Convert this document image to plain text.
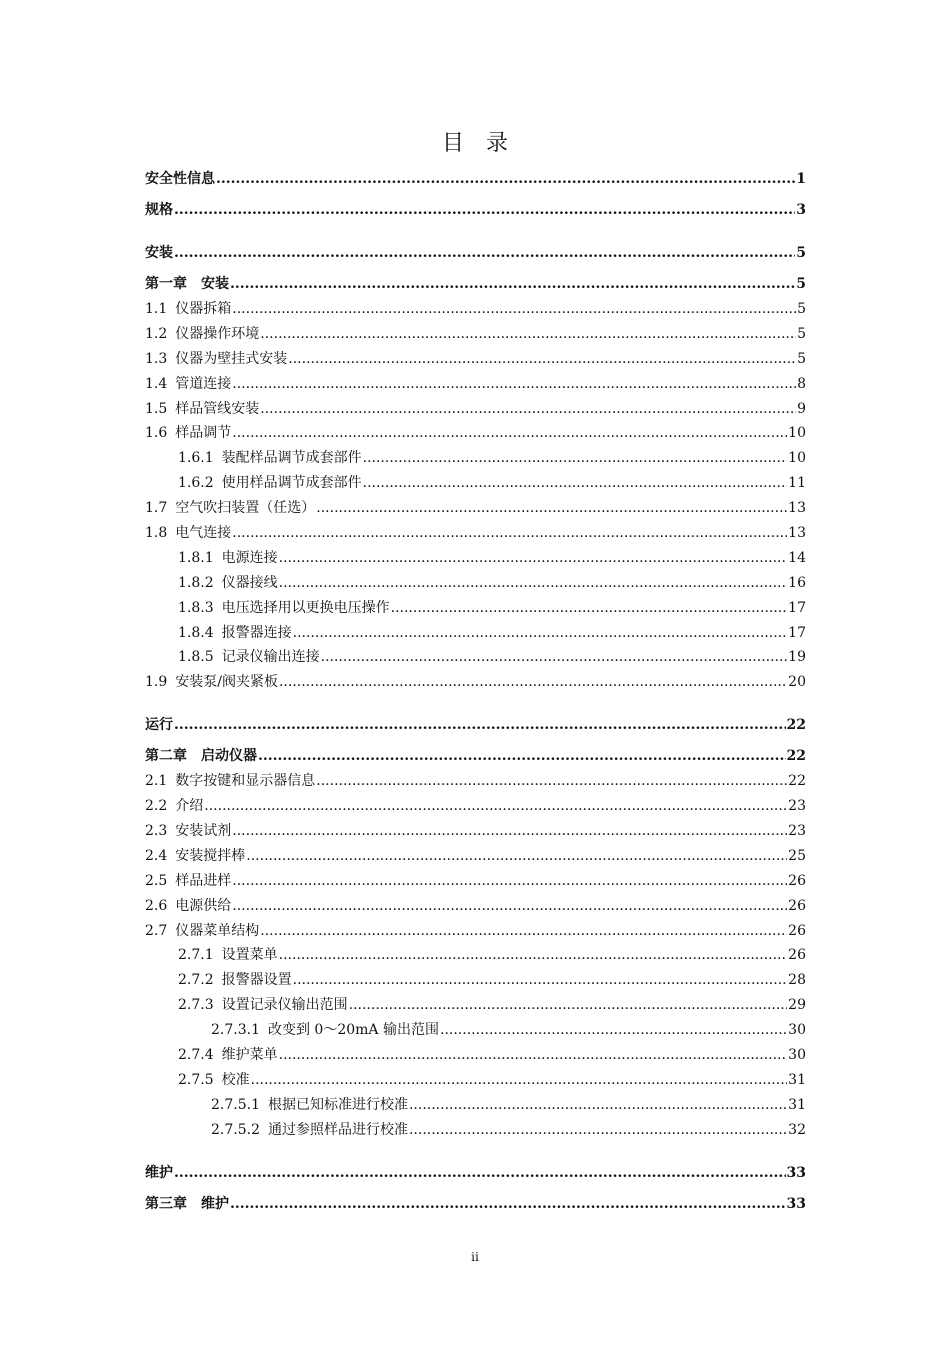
目　录
安全性信息 .....	1
规格 .....	3
安装 .....	5
第一章　安装 .....	5
1.1 仪器拆箱 .....	5
1.2 仪器操作环境 .....	5
1.3 仪器为壁挂式安装 .....	5
1.4 管道连接 .....	8
1.5 样品管线安装 .....	9
1.6 样品调节 .....	10
1.6.1 装配样品调节成套部件 .....	10
1.6.2 使用样品调节成套部件 .....	11
1.7 空气吹扫装置（任选） .....	13
1.8 电气连接 .....	13
1.8.1 电源连接 .....	14
1.8.2 仪器接线 .....	16
1.8.3 电压选择用以更换电压操作 .....	17
1.8.4 报警器连接 .....	17
1.8.5 记录仪输出连接 .....	19
1.9 安装泵/阀夹紧板 .....	20
运行 .....	22
第二章　启动仪器 .....	22
2.1 数字按键和显示器信息 .....	22
2.2 介绍 .....	23
2.3 安装试剂 .....	23
2.4 安装搅拌棒 .....	25
2.5 样品进样 .....	26
2.6 电源供给 .....	26
2.7 仪器菜单结构 .....	26
2.7.1 设置菜单 .....	26
2.7.2 报警器设置 .....	28
2.7.3 设置记录仪输出范围 .....	29
2.7.3.1 改变到 0～20mA 输出范围 .....	30
2.7.4 维护菜单 .....	30
2.7.5 校准 .....	31
2.7.5.1 根据已知标准进行校准 .....	31
2.7.5.2 通过参照样品进行校准 .....	32
维护 .....	33
第三章　维护 .....	33
ii
